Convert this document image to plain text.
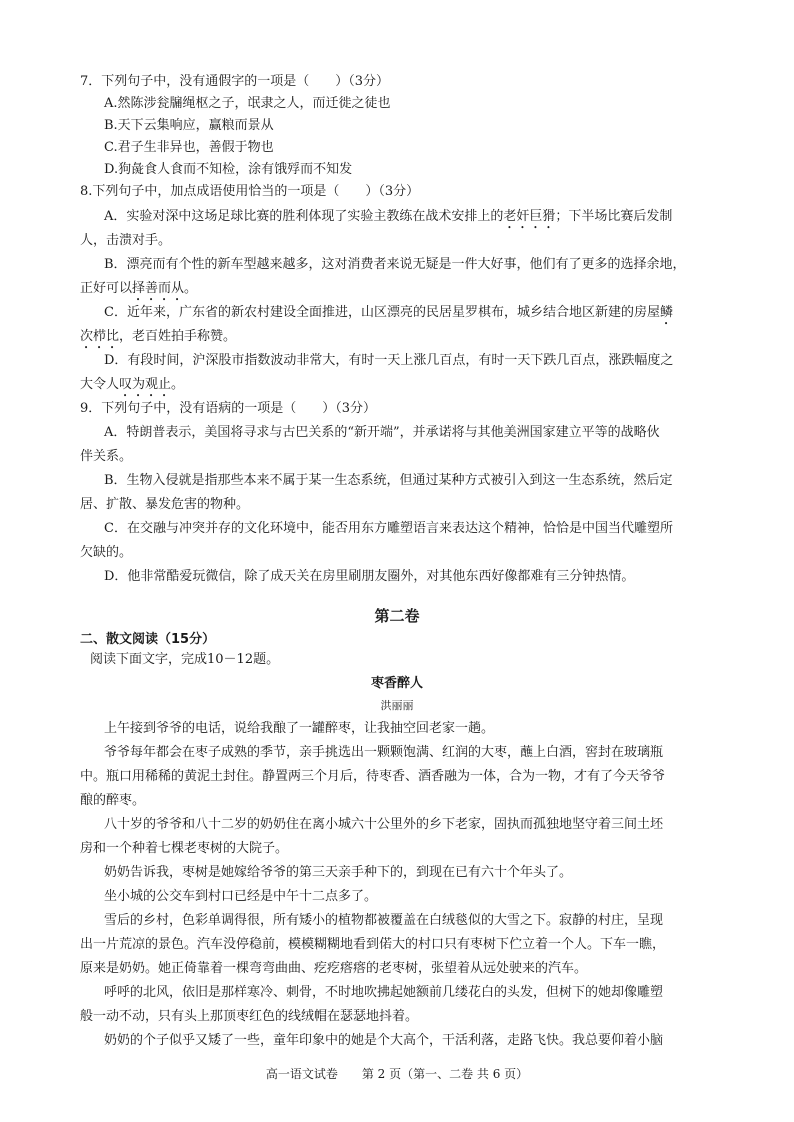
7．下列句子中，没有通假字的一项是（　　）（3分）
A.然陈涉瓮牖绳枢之子，氓隶之人，而迁徙之徒也
B.天下云集响应，赢粮而景从
C.君子生非异也，善假于物也
D.狗彘食人食而不知检，涂有饿殍而不知发
8.下列句子中，加点成语使用恰当的一项是（　　）（3分）
A．实验对深中这场足球比赛的胜利体现了实验主教练在战术安排上的老奸巨猾；下半场比赛后发制
人，击溃对手。
B．漂亮而有个性的新车型越来越多，这对消费者来说无疑是一件大好事，他们有了更多的选择余地，
正好可以择善而从。
C．近年来，广东省的新农村建设全面推进，山区漂亮的民居星罗棋布，城乡结合地区新建的房屋鳞
次栉比，老百姓拍手称赞。
D．有段时间，沪深股市指数波动非常大，有时一天上涨几百点，有时一天下跌几百点，涨跌幅度之
大令人叹为观止。
9．下列句子中，没有语病的一项是（　　）（3分）
A．特朗普表示，美国将寻求与古巴关系的“新开端”，并承诺将与其他美洲国家建立平等的战略伙
伴关系。
B．生物入侵就是指那些本来不属于某一生态系统，但通过某种方式被引入到这一生态系统，然后定
居、扩散、暴发危害的物种。
C．在交融与冲突并存的文化环境中，能否用东方雕塑语言来表达这个精神，恰恰是中国当代雕塑所
欠缺的。
D．他非常酷爱玩微信，除了成天关在房里刷朋友圈外，对其他东西好像都难有三分钟热情。
第二卷
二、散文阅读（15分）
阅读下面文字，完成10－12题。
枣香醉人
洪丽丽
上午接到爷爷的电话，说给我酿了一罐醉枣，让我抽空回老家一趟。
爷爷每年都会在枣子成熟的季节，亲手挑选出一颗颗饱满、红润的大枣，蘸上白酒，窖封在玻璃瓶
中。瓶口用稀稀的黄泥土封住。静置两三个月后，待枣香、酒香融为一体，合为一物，才有了今天爷爷
酿的醉枣。
八十岁的爷爷和八十二岁的奶奶住在离小城六十公里外的乡下老家，固执而孤独地坚守着三间土坯
房和一个种着七棵老枣树的大院子。
奶奶告诉我，枣树是她嫁给爷爷的第三天亲手种下的，到现在已有六十个年头了。
坐小城的公交车到村口已经是中午十二点多了。
雪后的乡村，色彩单调得很，所有矮小的植物都被覆盖在白绒毯似的大雪之下。寂静的村庄，呈现
出一片荒凉的景色。汽车没停稳前，模模糊糊地看到偌大的村口只有枣树下伫立着一个人。下车一瞧，
原来是奶奶。她正倚靠着一棵弯弯曲曲、疙疙瘩瘩的老枣树，张望着从远处驶来的汽车。
呼呼的北风，依旧是那样寒冷、刺骨，不时地吹拂起她额前几缕花白的头发，但树下的她却像雕塑
般一动不动，只有头上那顶枣红色的线绒帽在瑟瑟地抖着。
奶奶的个子似乎又矮了一些，童年印象中的她是个大高个，干活利落，走路飞快。我总要仰着小脑
高一语文试卷　　第 2 页（第一、二卷 共 6 页）
